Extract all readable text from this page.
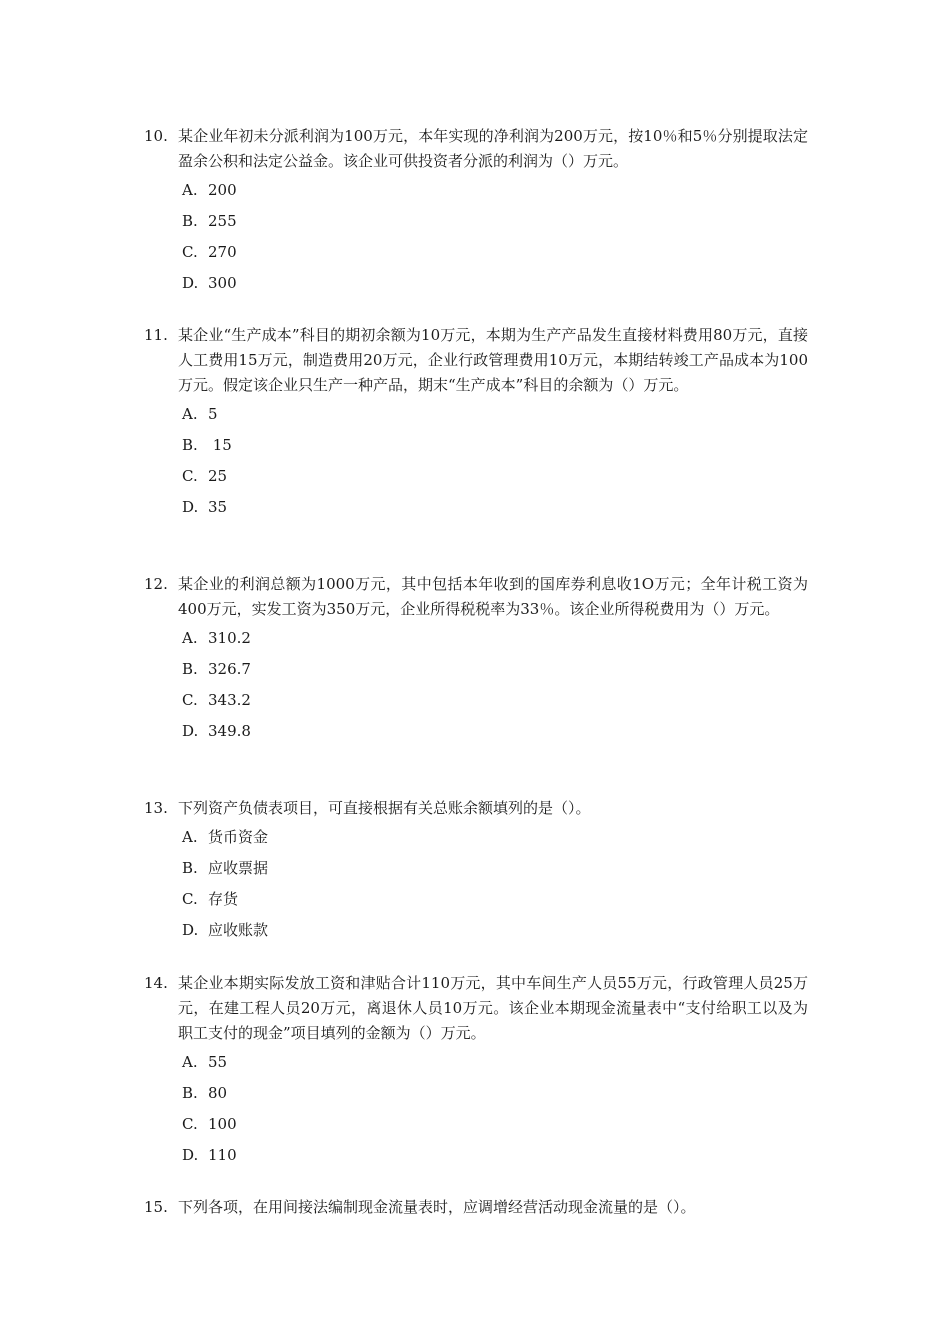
10. 某企业年初未分派利润为100万元，本年实现的净利润为200万元，按10％和5％分别提取法定盈余公积和法定公益金。该企业可供投资者分派的利润为（）万元。
A. 200
B. 255
C. 270
D. 300
11. 某企业“生产成本”科目的期初余额为10万元，本期为生产产品发生直接材料费用80万元，直接人工费用15万元，制造费用20万元，企业行政管理费用10万元，本期结转竣工产品成本为100万元。假定该企业只生产一种产品，期末“生产成本”科目的余额为（）万元。
A. 5
B. 15
C. 25
D. 35
12. 某企业的利润总额为1000万元，其中包括本年收到的国库券利息收1O万元；全年计税工资为400万元，实发工资为350万元，企业所得税税率为33％。该企业所得税费用为（）万元。
A. 310.2
B. 326.7
C. 343.2
D. 349.8
13. 下列资产负债表项目，可直接根据有关总账余额填列的是（）。
A. 货币资金
B. 应收票据
C. 存货
D. 应收账款
14. 某企业本期实际发放工资和津贴合计110万元，其中车间生产人员55万元，行政管理人员25万元，在建工程人员20万元，离退休人员10万元。该企业本期现金流量表中“支付给职工以及为职工支付的现金”项目填列的金额为（）万元。
A. 55
B. 80
C. 100
D. 110
15. 下列各项，在用间接法编制现金流量表时，应调增经营活动现金流量的是（）。
